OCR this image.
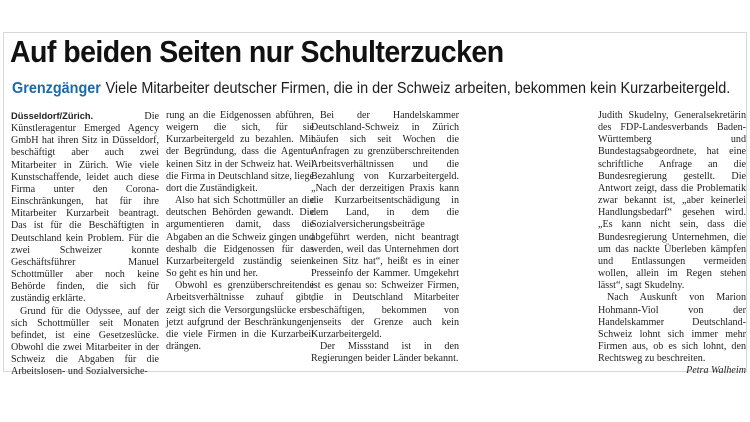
Auf beiden Seiten nur Schulterzucken
Grenzgänger Viele Mitarbeiter deutscher Firmen, die in der Schweiz arbeiten, bekommen kein Kurzarbeitergeld.

Düsseldorf/Zürich.	Die Künstleragentur Emerged Agency GmbH hat ihren Sitz in Düsseldorf, beschäftigt aber auch zwei Mitarbeiter in Zürich. Wie viele Kunstschaffende, leidet auch diese Firma unter den Corona-Einschränkungen, hat für ihre Mitarbeiter Kurzarbeit beantragt. Das ist für die Beschäftigten in Deutschland kein Problem. Für die zwei Schweizer konnte Geschäftsführer Manuel Schottmüller aber noch keine Behörde finden, die sich für zuständig erklärte.

Grund für die Odyssee, auf der sich Schottmüller seit Monaten befindet, ist eine Gesetzeslücke. Obwohl die zwei Mitarbeiter in der Schweiz die Abgaben für die Arbeitslosen- und Sozialversiche-

rung an die Eidgenossen abführen, weigern die sich, für sie Kurzarbeitergeld zu bezahlen. Mit der Begründung, dass die Agentur keinen Sitz in der Schweiz hat. Weil die Firma in Deutschland sitze, liege dort die Zuständigkeit.

Also hat sich Schottmüller an die deutschen Behörden gewandt. Die argumentieren damit, dass die Abgaben an die Schweiz gingen und deshalb die Eidgenossen für das Kurzarbeitergeld zuständig seien. So geht es hin und her.

Obwohl es grenzüberschreitende Arbeitsverhältnisse zuhauf gibt, zeigt sich die Versorgungslücke erst jetzt aufgrund der Beschränkungen, die viele Firmen in die Kurzarbeit drängen.

Bei der Handelskammer Deutschland-Schweiz in Zürich häufen sich seit Wochen die Anfragen zu grenzüberschreitenden Arbeitsverhältnissen und die Bezahlung von Kurzarbeitergeld. „Nach der derzeitigen Praxis kann die Kurzarbeitsentschädigung in dem Land, in dem die Sozialversicherungsbeiträge abgeführt werden, nicht beantragt werden, weil das Unternehmen dort keinen Sitz hat“, heißt es in einer Presseinfo der Kammer. Umgekehrt ist es genau so: Schweizer Firmen, die in Deutschland Mitarbeiter beschäftigen, bekommen von jenseits der Grenze auch kein Kurzarbeitergeld.

Der Missstand ist in den Regierungen beider Länder bekannt.

Judith Skudelny, Generalsekretärin des FDP-Landesverbands Baden-Württemberg und Bundestagsabgeordnete, hat eine schriftliche Anfrage an die Bundesregierung gestellt. Die Antwort zeigt, dass die Problematik zwar bekannt ist, „aber keinerlei Handlungsbedarf“ gesehen wird. „Es kann nicht sein, dass die Bundesregierung Unternehmen, die um das nackte Überleben kämpfen und Entlassungen vermeiden wollen, allein im Regen stehen lässt“, sagt Skudelny.

Nach Auskunft von Marion Hohmann-Viol von der Handelskammer Deutschland-Schweiz lohnt sich immer mehr Firmen aus, ob es sich lohnt, den Rechtsweg zu beschreiten.
Petra Walheim
